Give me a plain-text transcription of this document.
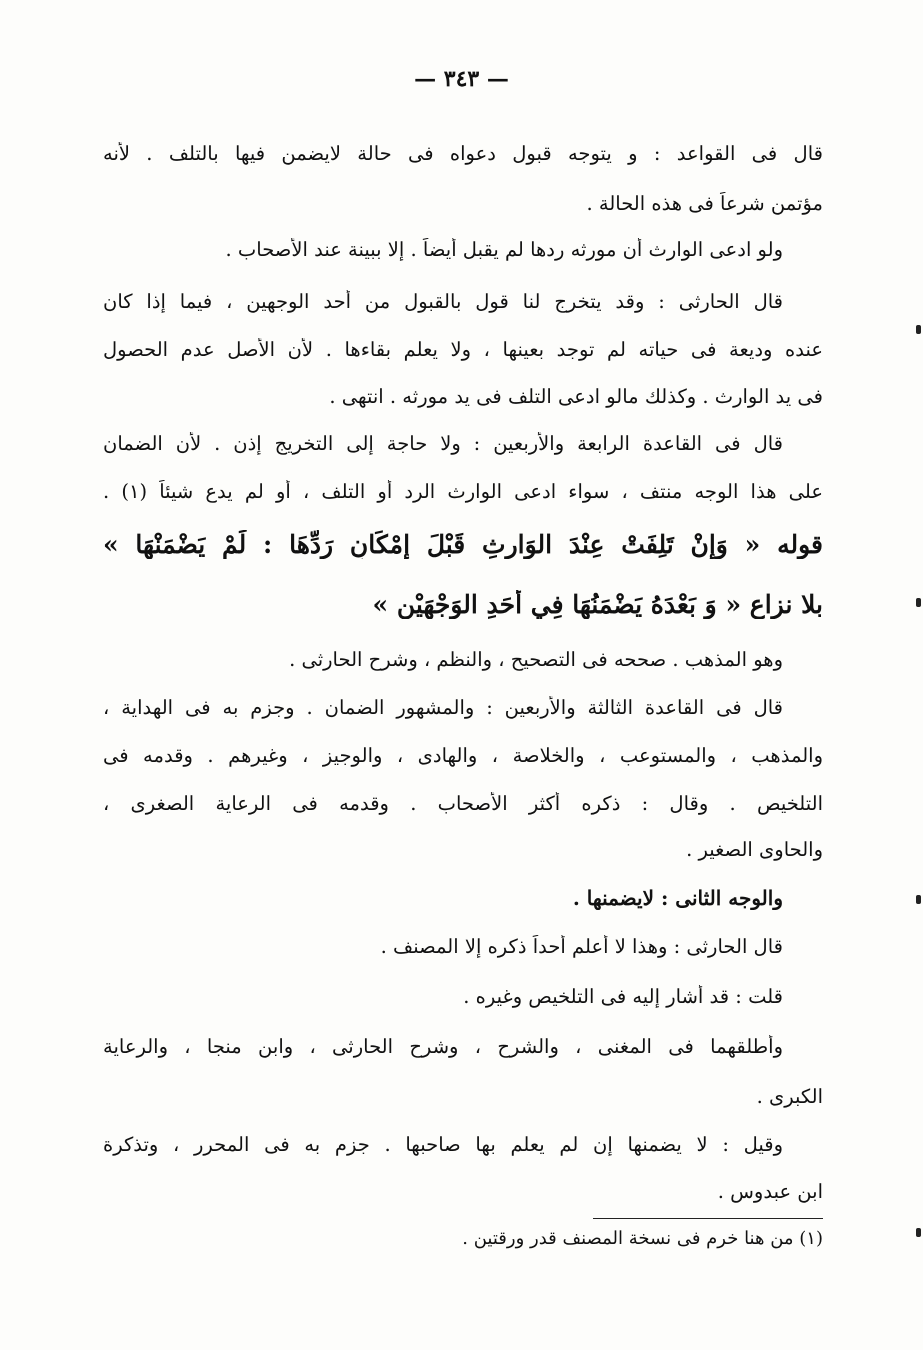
— ٣٤٣ —
قال فى القواعد : و يتوجه قبول دعواه فى حالة لايضمن فيها بالتلف . لأنه
مؤتمن شرعاً فى هذه الحالة .
ولو ادعى الوارث أن مورثه ردها لم يقبل أيضاً . إلا ببينة عند الأصحاب .
قال الحارثى : وقد يتخرج لنا قول بالقبول من أحد الوجهين ، فيما إذا كان
عنده وديعة فى حياته لم توجد بعينها ، ولا يعلم بقاءها . لأن الأصل عدم الحصول
فى يد الوارث . وكذلك مالو ادعى التلف فى يد مورثه . انتهى .
قال فى القاعدة الرابعة والأربعين : ولا حاجة إلى التخريج إذن . لأن الضمان
على هذا الوجه منتف ، سواء ادعى الوارث الرد أو التلف ، أو لم يدع شيئاً (١) .
قوله « وَإِنْ تَلِفَتْ عِنْدَ الوَارِثِ قَبْلَ إِمْكَانِ رَدِّهَا : لَمْ يَضْمَنْهَا »
بلا نزاع « وَ بَعْدَهُ يَضْمَنُهَا فِي أَحَدِ الوَجْهَيْنِ »
وهو المذهب . صححه فى التصحيح ، والنظم ، وشرح الحارثى .
قال فى القاعدة الثالثة والأربعين : والمشهور الضمان . وجزم به فى الهداية ،
والمذهب ، والمستوعب ، والخلاصة ، والهادى ، والوجيز ، وغيرهم . وقدمه فى
التلخيص . وقال : ذكره أكثر الأصحاب . وقدمه فى الرعاية الصغرى ،
والحاوى الصغير .
والوجه الثانى : لايضمنها .
قال الحارثى : وهذا لا أعلم أحداً ذكره إلا المصنف .
قلت : قد أشار إليه فى التلخيص وغيره .
وأطلقهما فى المغنى ، والشرح ، وشرح الحارثى ، وابن منجا ، والرعاية
الكبرى .
وقيل : لا يضمنها إن لم يعلم بها صاحبها . جزم به فى المحرر ، وتذكرة
ابن عبدوس .
(١) من هنا خرم فى نسخة المصنف قدر ورقتين .
